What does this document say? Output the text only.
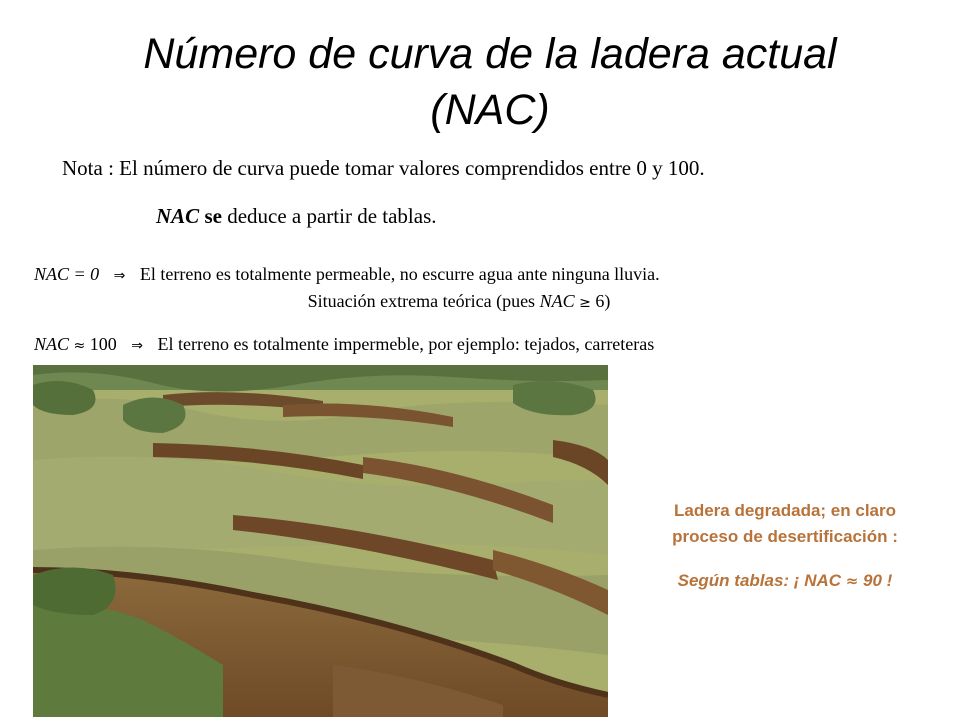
Número de curva de la ladera actual
(NAC)
Nota : El número de curva puede tomar valores comprendidos entre 0 y 100.
NAC se deduce a partir de tablas.
NAC = 0 ⇒ El terreno es totalmente permeable, no escurre agua ante ninguna lluvia.
Situación extrema teórica (pues NAC ≥ 6)
NAC ≈ 100 ⇒ El terreno es totalmente impermeble, por ejemplo: tejados, carreteras
Ladera degradada; en claro
proceso de desertificación :
Según tablas: ¡ NAC ≈ 90 !
